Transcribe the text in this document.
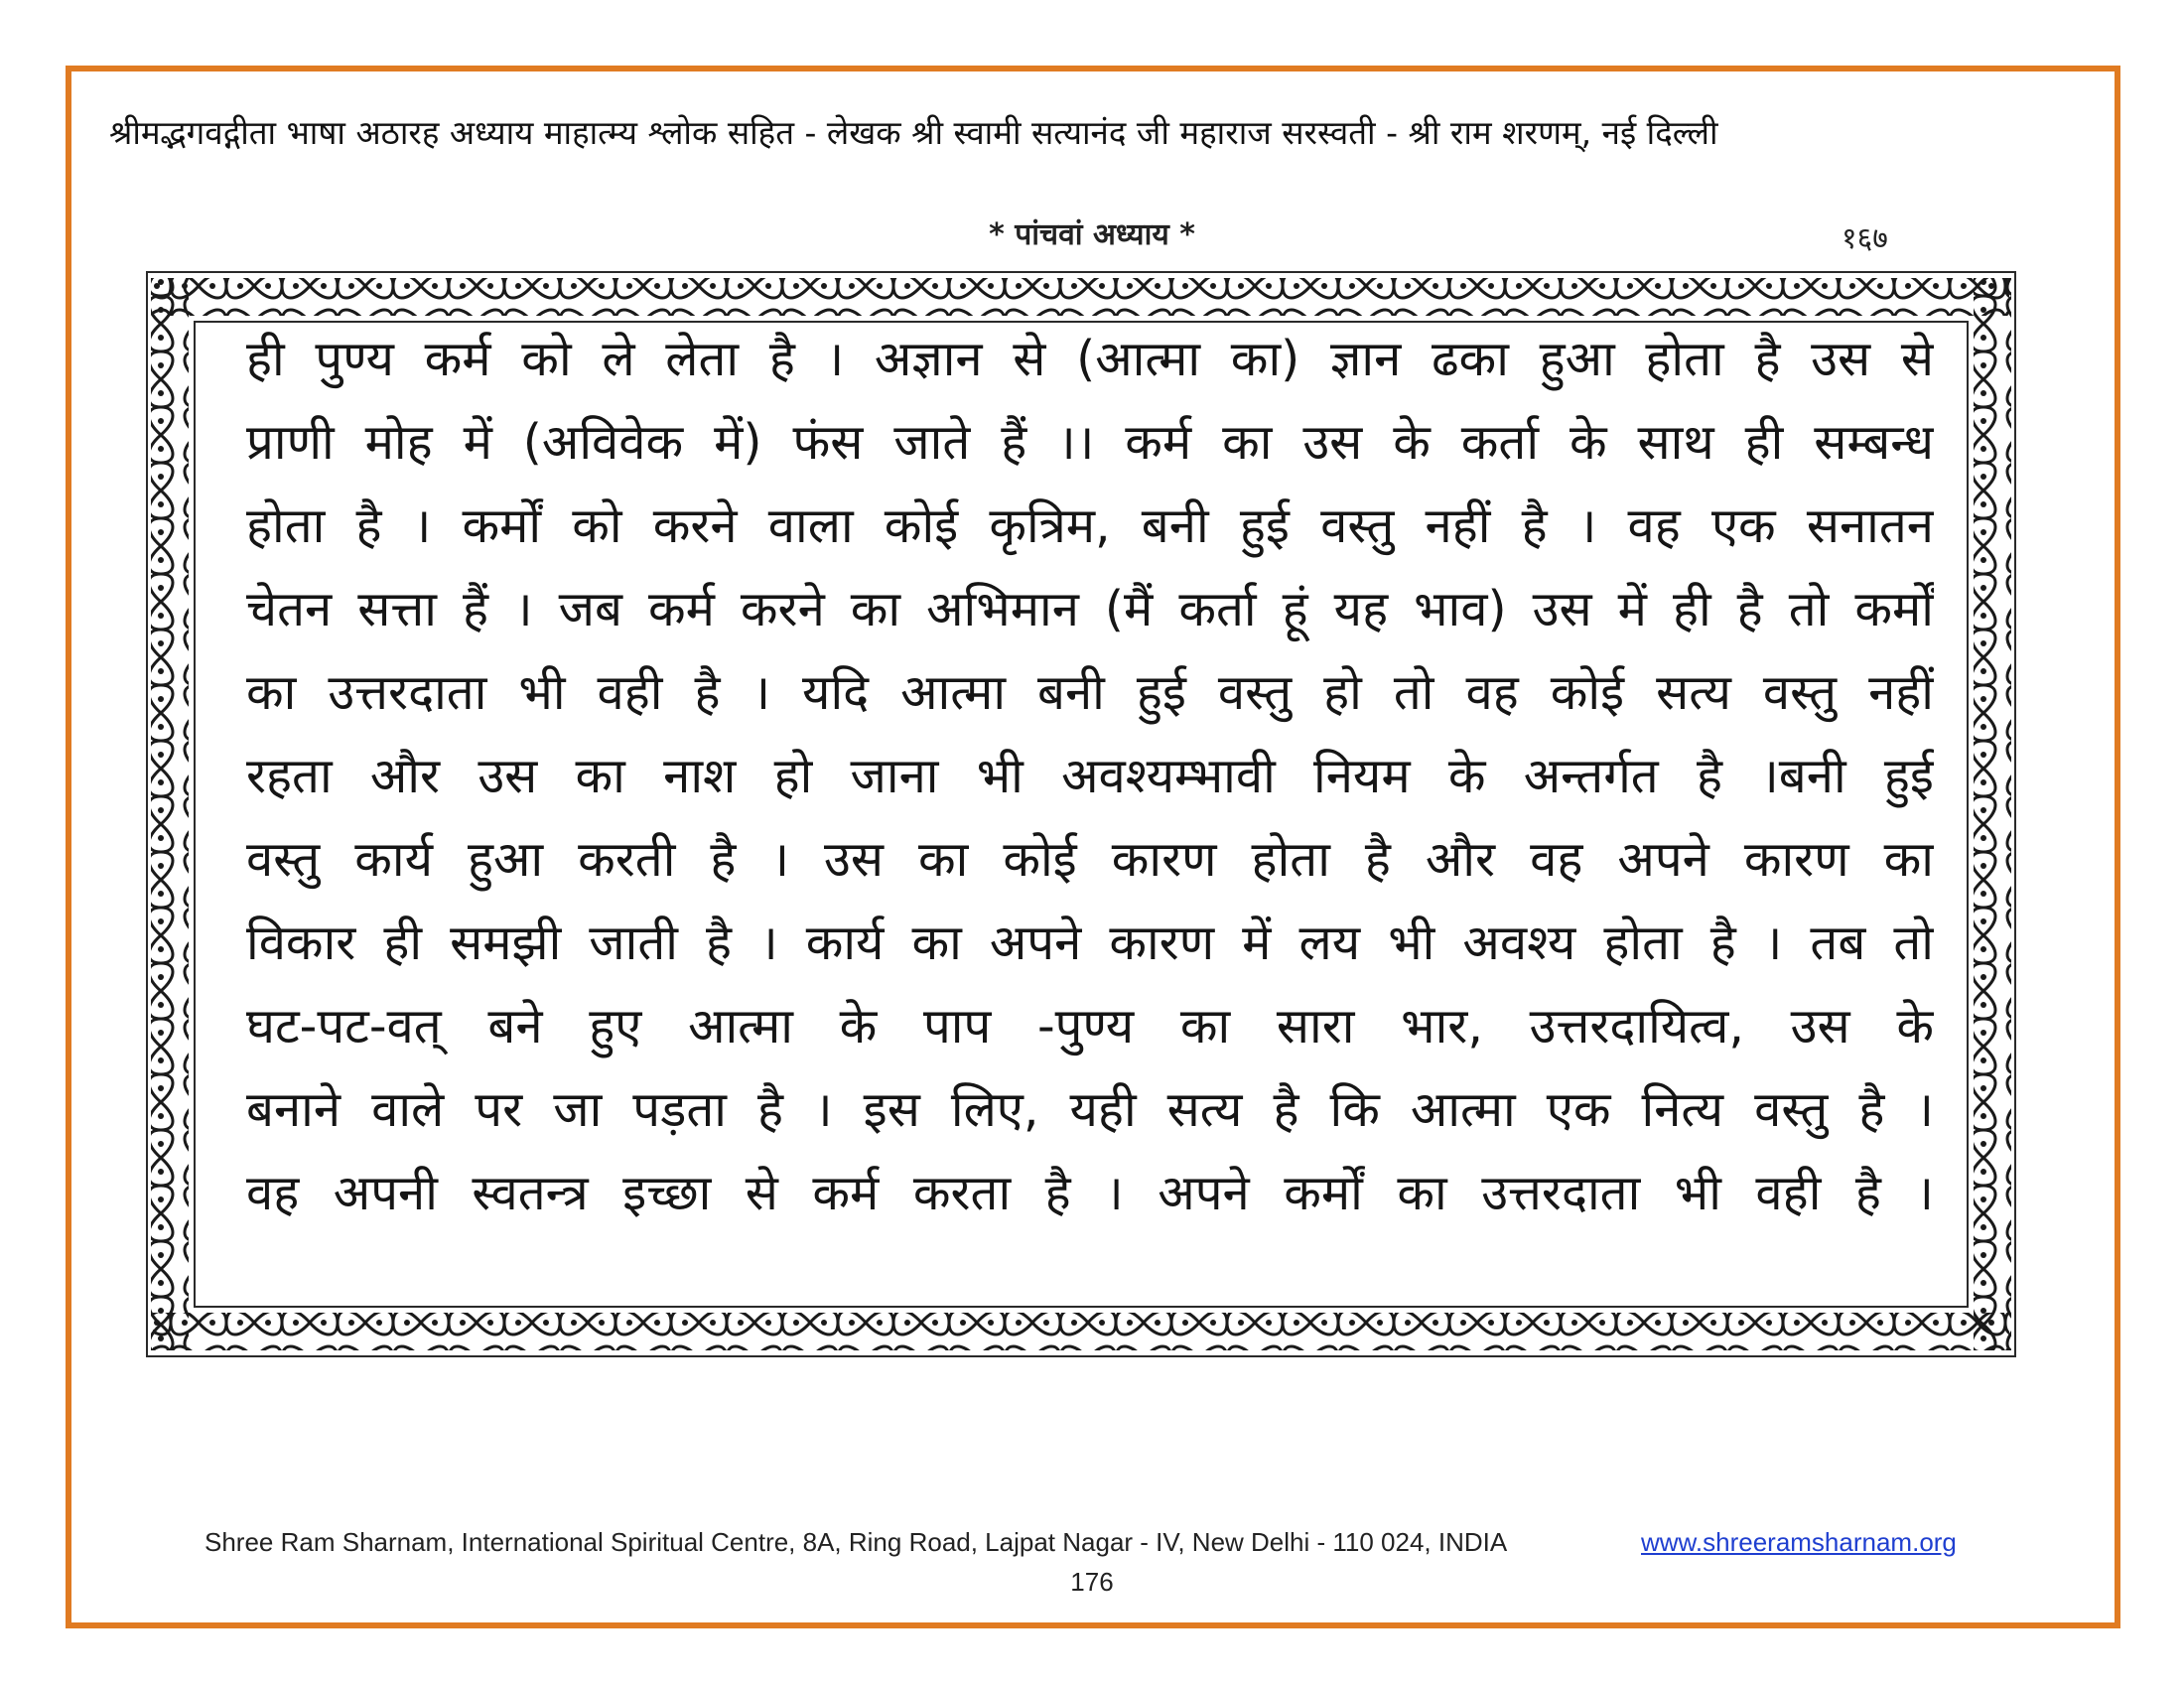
श्रीमद्भगवद्गीता भाषा अठारह अध्याय माहात्म्य श्लोक सहित - लेखक श्री स्वामी सत्यानंद जी महाराज सरस्वती - श्री राम शरणम्, नई दिल्ली
* पांचवां अध्याय *	१६७
ही पुण्य कर्म को ले लेता है । अज्ञान से (आत्मा का) ज्ञान ढका हुआ होता है उस से
प्राणी मोह में (अविवेक में) फंस जाते हैं ।। कर्म का उस के कर्ता के साथ ही सम्बन्ध
होता है । कर्मों को करने वाला कोई कृत्रिम, बनी हुई वस्तु नहीं है । वह एक सनातन
चेतन सत्ता हैं । जब कर्म करने का अभिमान (मैं कर्ता हूं यह भाव) उस में ही है तो कर्मों
का उत्तरदाता भी वही है । यदि आत्मा बनी हुई वस्तु हो तो वह कोई सत्य वस्तु नहीं
रहता और उस का नाश हो जाना भी अवश्यम्भावी नियम के अन्तर्गत है ।बनी हुई
वस्तु कार्य हुआ करती है । उस का कोई कारण होता है और वह अपने कारण का
विकार ही समझी जाती है । कार्य का अपने कारण में लय भी अवश्य होता है । तब तो
घट-पट-वत् बने हुए आत्मा के पाप -पुण्य का सारा भार, उत्तरदायित्व, उस के
बनाने वाले पर जा पड़ता है । इस लिए, यही सत्य है कि आत्मा एक नित्य वस्तु है ।
वह अपनी स्वतन्त्र इच्छा से कर्म करता है । अपने कर्मों का उत्तरदाता भी वही है ।
Shree Ram Sharnam, International Spiritual Centre, 8A, Ring Road, Lajpat Nagar - IV, New Delhi - 110 024, INDIA	www.shreeramsharnam.org
176
